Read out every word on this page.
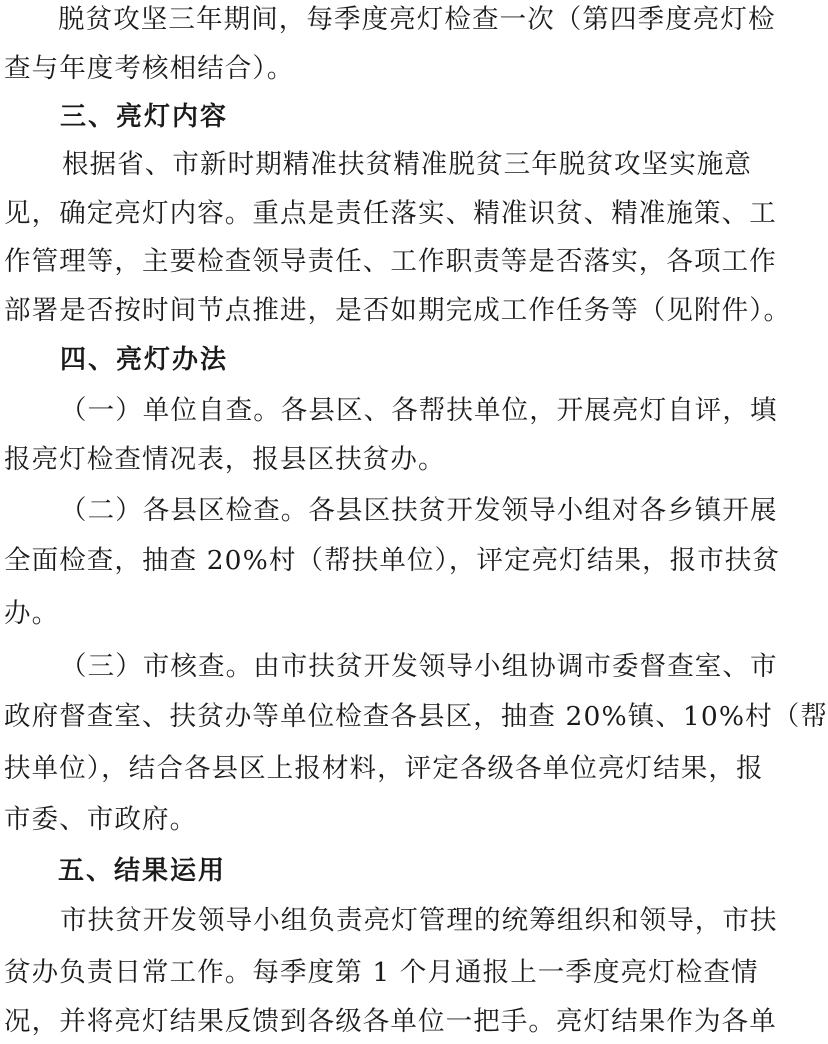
脱贫攻坚三年期间，每季度亮灯检查一次（第四季度亮灯检
查与年度考核相结合）。
三、亮灯内容
根据省、市新时期精准扶贫精准脱贫三年脱贫攻坚实施意
见，确定亮灯内容。重点是责任落实、精准识贫、精准施策、工
作管理等，主要检查领导责任、工作职责等是否落实，各项工作
部署是否按时间节点推进，是否如期完成工作任务等（见附件）。
四、亮灯办法
（一）单位自查。各县区、各帮扶单位，开展亮灯自评，填
报亮灯检查情况表，报县区扶贫办。
（二）各县区检查。各县区扶贫开发领导小组对各乡镇开展
全面检查，抽查 20%村（帮扶单位），评定亮灯结果，报市扶贫
办。
（三）市核查。由市扶贫开发领导小组协调市委督查室、市
政府督查室、扶贫办等单位检查各县区，抽查 20%镇、10%村（帮
扶单位），结合各县区上报材料，评定各级各单位亮灯结果，报
市委、市政府。
五、结果运用
市扶贫开发领导小组负责亮灯管理的统筹组织和领导，市扶
贫办负责日常工作。每季度第 1 个月通报上一季度亮灯检查情
况，并将亮灯结果反馈到各级各单位一把手。亮灯结果作为各单
